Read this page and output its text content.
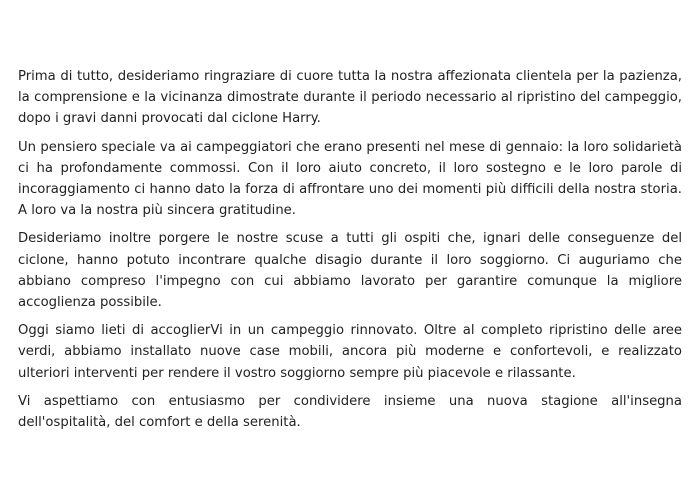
Prima di tutto, desideriamo ringraziare di cuore tutta la nostra affezionata clientela per la pazienza, la comprensione e la vicinanza dimostrate durante il periodo necessario al ripristino del campeggio, dopo i gravi danni provocati dal ciclone Harry.

Un pensiero speciale va ai campeggiatori che erano presenti nel mese di gennaio: la loro solidarietà ci ha profondamente commossi. Con il loro aiuto concreto, il loro sostegno e le loro parole di incoraggiamento ci hanno dato la forza di affrontare uno dei momenti più difficili della nostra storia. A loro va la nostra più sincera gratitudine.

Desideriamo inoltre porgere le nostre scuse a tutti gli ospiti che, ignari delle conseguenze del ciclone, hanno potuto incontrare qualche disagio durante il loro soggiorno. Ci auguriamo che abbiano compreso l'impegno con cui abbiamo lavorato per garantire comunque la migliore accoglienza possibile.

Oggi siamo lieti di accoglierVi in un campeggio rinnovato. Oltre al completo ripristino delle aree verdi, abbiamo installato nuove case mobili, ancora più moderne e confortevoli, e realizzato ulteriori interventi per rendere il vostro soggiorno sempre più piacevole e rilassante.

Vi aspettiamo con entusiasmo per condividere insieme una nuova stagione all'insegna dell'ospitalità, del comfort e della serenità.
